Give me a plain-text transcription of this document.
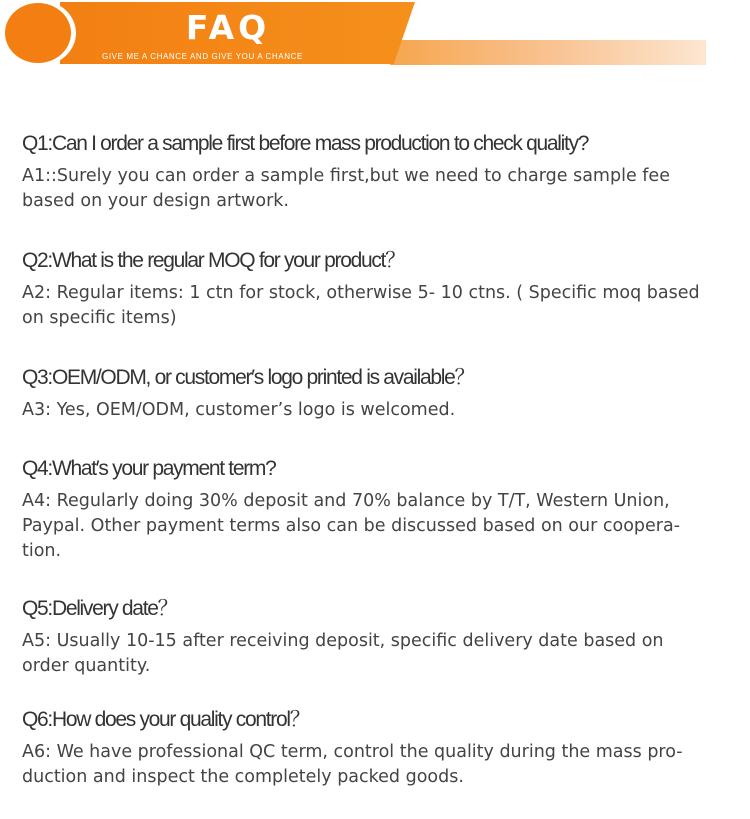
FAQ
GIVE ME A CHANCE AND GIVE YOU A CHANCE
Q1:Can I order a sample first before mass production to check quality?
A1::Surely you can order a sample first,but we need to charge sample fee
based on your design artwork.
Q2:What is the regular MOQ for your product？
A2: Regular items: 1 ctn for stock, otherwise 5- 10 ctns. ( Specific moq based
on specific items)
Q3:OEM/ODM, or customer′s logo printed is available？
A3: Yes, OEM/ODM, customer’s logo is welcomed.
Q4:What′s your payment term?
A4: Regularly doing 30% deposit and 70% balance by T/T, Western Union,
Paypal. Other payment terms also can be discussed based on our coopera-
tion.
Q5:Delivery date？
A5: Usually 10-15 after receiving deposit, specific delivery date based on
order quantity.
Q6:How does your quality control？
A6: We have professional QC term, control the quality during the mass pro-
duction and inspect the completely packed goods.
